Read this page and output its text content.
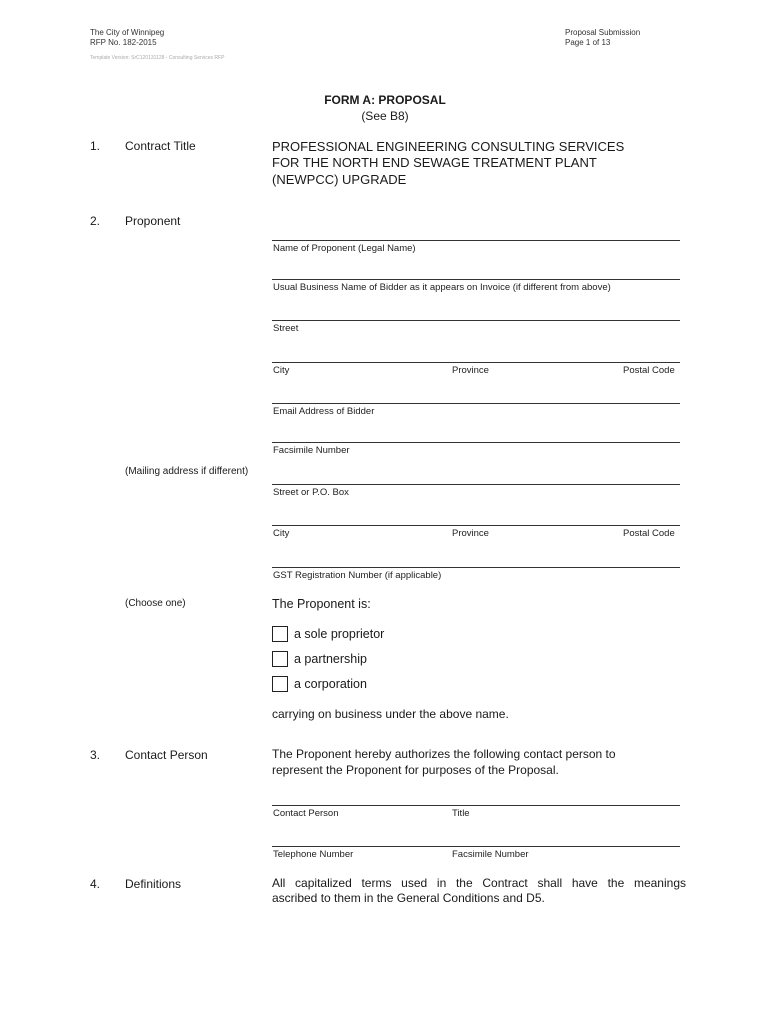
The City of Winnipeg
RFP No. 182-2015
Template Version: SrC120131128 - Consulting Services RFP
Proposal Submission
Page 1 of 13
FORM A: PROPOSAL
(See B8)
1. Contract Title	PROFESSIONAL ENGINEERING CONSULTING SERVICES
FOR THE NORTH END SEWAGE TREATMENT PLANT
(NEWPCC) UPGRADE
2. Proponent
Name of Proponent (Legal Name)
Usual Business Name of Bidder as it appears on Invoice (if different from above)
Street
City	Province	Postal Code
Email Address of Bidder
Facsimile Number
(Mailing address if different)
Street or P.O. Box
City	Province	Postal Code
GST Registration Number (if applicable)
(Choose one)	The Proponent is:
a sole proprietor
a partnership
a corporation
carrying on business under the above name.
3. Contact Person	The Proponent hereby authorizes the following contact person to
represent the Proponent for purposes of the Proposal.
Contact Person	Title
Telephone Number	Facsimile Number
4. Definitions	All capitalized terms used in the Contract shall have the meanings
ascribed to them in the General Conditions and D5.
